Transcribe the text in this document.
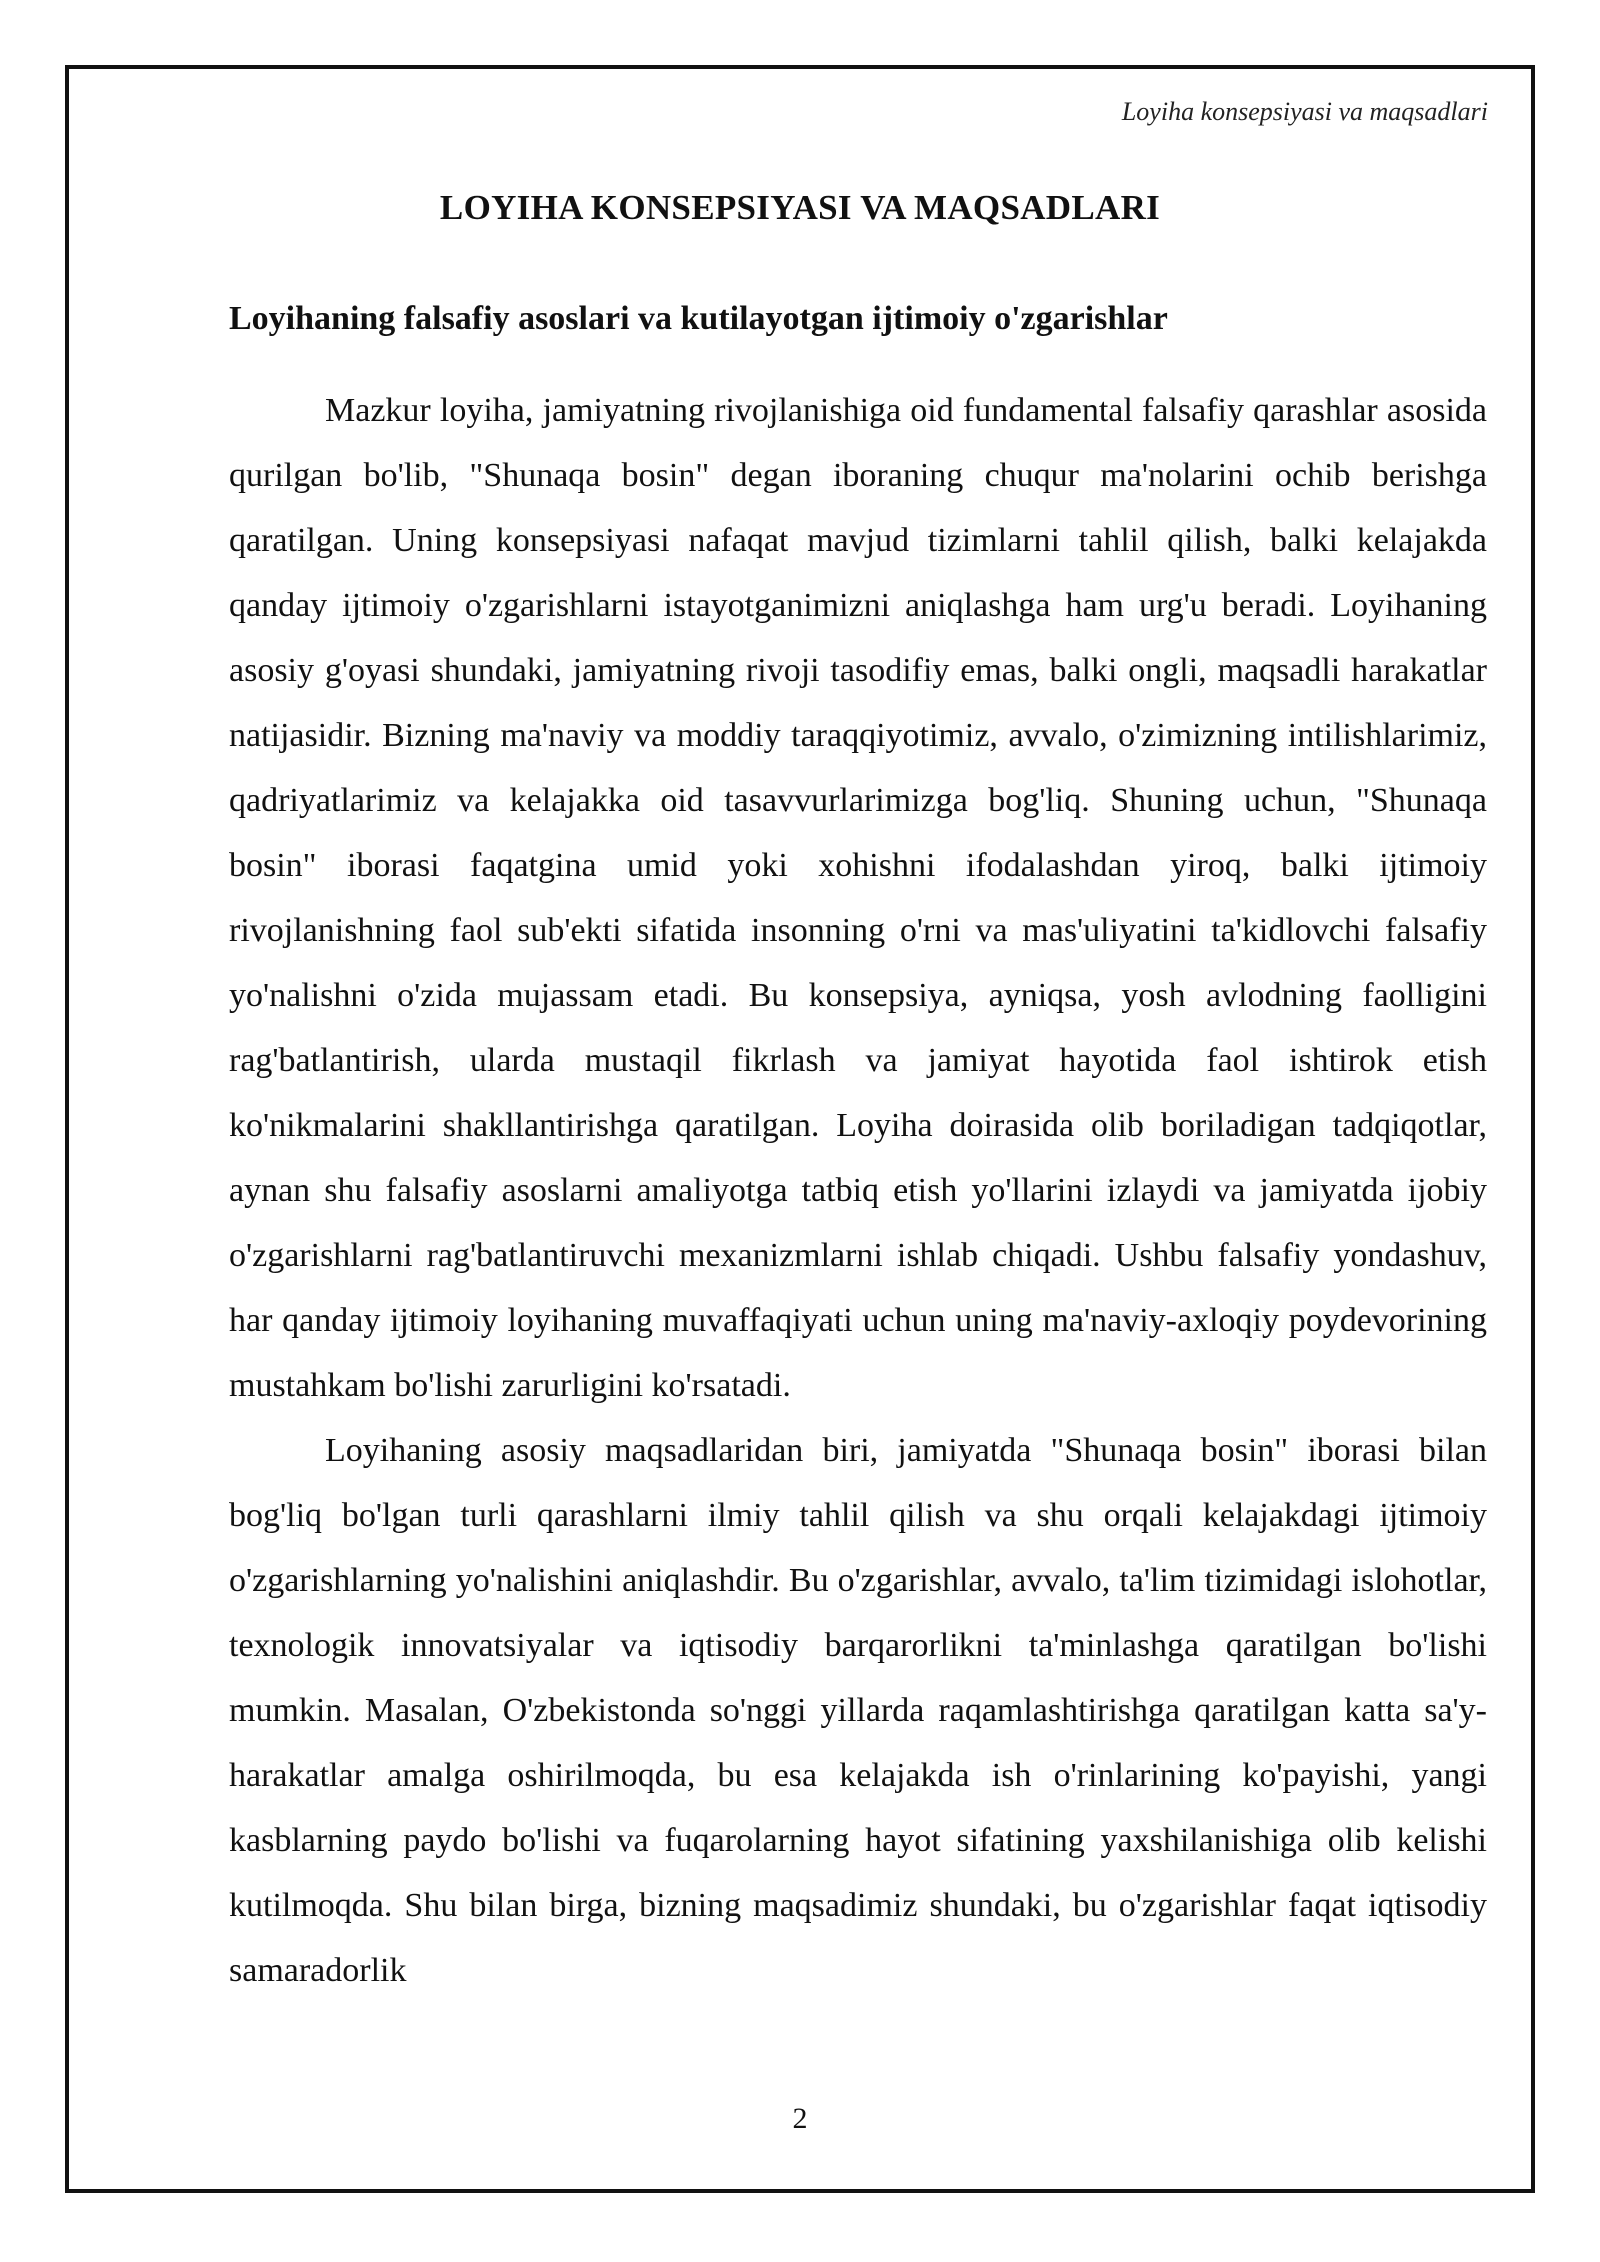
Loyiha konsepsiyasi va maqsadlari

LOYIHA KONSEPSIYASI VA MAQSADLARI
Loyihaning falsafiy asoslari va kutilayotgan ijtimoiy o'zgarishlar

Mazkur loyiha, jamiyatning rivojlanishiga oid fundamental falsafiy qarashlar asosida qurilgan bo'lib, "Shunaqa bosin" degan iboraning chuqur ma'nolarini ochib berishga qaratilgan. Uning konsepsiyasi nafaqat mavjud tizimlarni tahlil qilish, balki kelajakda qanday ijtimoiy o'zgarishlarni istayotganimizni aniqlashga ham urg'u beradi. Loyihaning asosiy g'oyasi shundaki, jamiyatning rivoji tasodifiy emas, balki ongli, maqsadli harakatlar natijasidir. Bizning ma'naviy va moddiy taraqqiyotimiz, avvalo, o'zimizning intilishlarimiz, qadriyatlarimiz va kelajakka oid tasavvurlarimizga bog'liq. Shuning uchun, "Shunaqa bosin" iborasi faqatgina umid yoki xohishni ifodalashdan yiroq, balki ijtimoiy rivojlanishning faol sub'ekti sifatida insonning o'rni va mas'uliyatini ta'kidlovchi falsafiy yo'nalishni o'zida mujassam etadi. Bu konsepsiya, ayniqsa, yosh avlodning faolligini rag'batlantirish, ularda mustaqil fikrlash va jamiyat hayotida faol ishtirok etish ko'nikmalarini shakllantirishga qaratilgan. Loyiha doirasida olib boriladigan tadqiqotlar, aynan shu falsafiy asoslarni amaliyotga tatbiq etish yo'llarini izlaydi va jamiyatda ijobiy o'zgarishlarni rag'batlantiruvchi mexanizmlarni ishlab chiqadi. Ushbu falsafiy yondashuv, har qanday ijtimoiy loyihaning muvaffaqiyati uchun uning ma'naviy-axloqiy poydevorining mustahkam bo'lishi zarurligini ko'rsatadi.

Loyihaning asosiy maqsadlaridan biri, jamiyatda "Shunaqa bosin" iborasi bilan bog'liq bo'lgan turli qarashlarni ilmiy tahlil qilish va shu orqali kelajakdagi ijtimoiy o'zgarishlarning yo'nalishini aniqlashdir. Bu o'zgarishlar, avvalo, ta'lim tizimidagi islohotlar, texnologik innovatsiyalar va iqtisodiy barqarorlikni ta'minlashga qaratilgan bo'lishi mumkin. Masalan, O'zbekistonda so'nggi yillarda raqamlashtirishga qaratilgan katta sa'y-harakatlar amalga oshirilmoqda, bu esa kelajakda ish o'rinlarining ko'payishi, yangi kasblarning paydo bo'lishi va fuqarolarning hayot sifatining yaxshilanishiga olib kelishi kutilmoqda. Shu bilan birga, bizning maqsadimiz shundaki, bu o'zgarishlar faqat iqtisodiy samaradorlik

2
